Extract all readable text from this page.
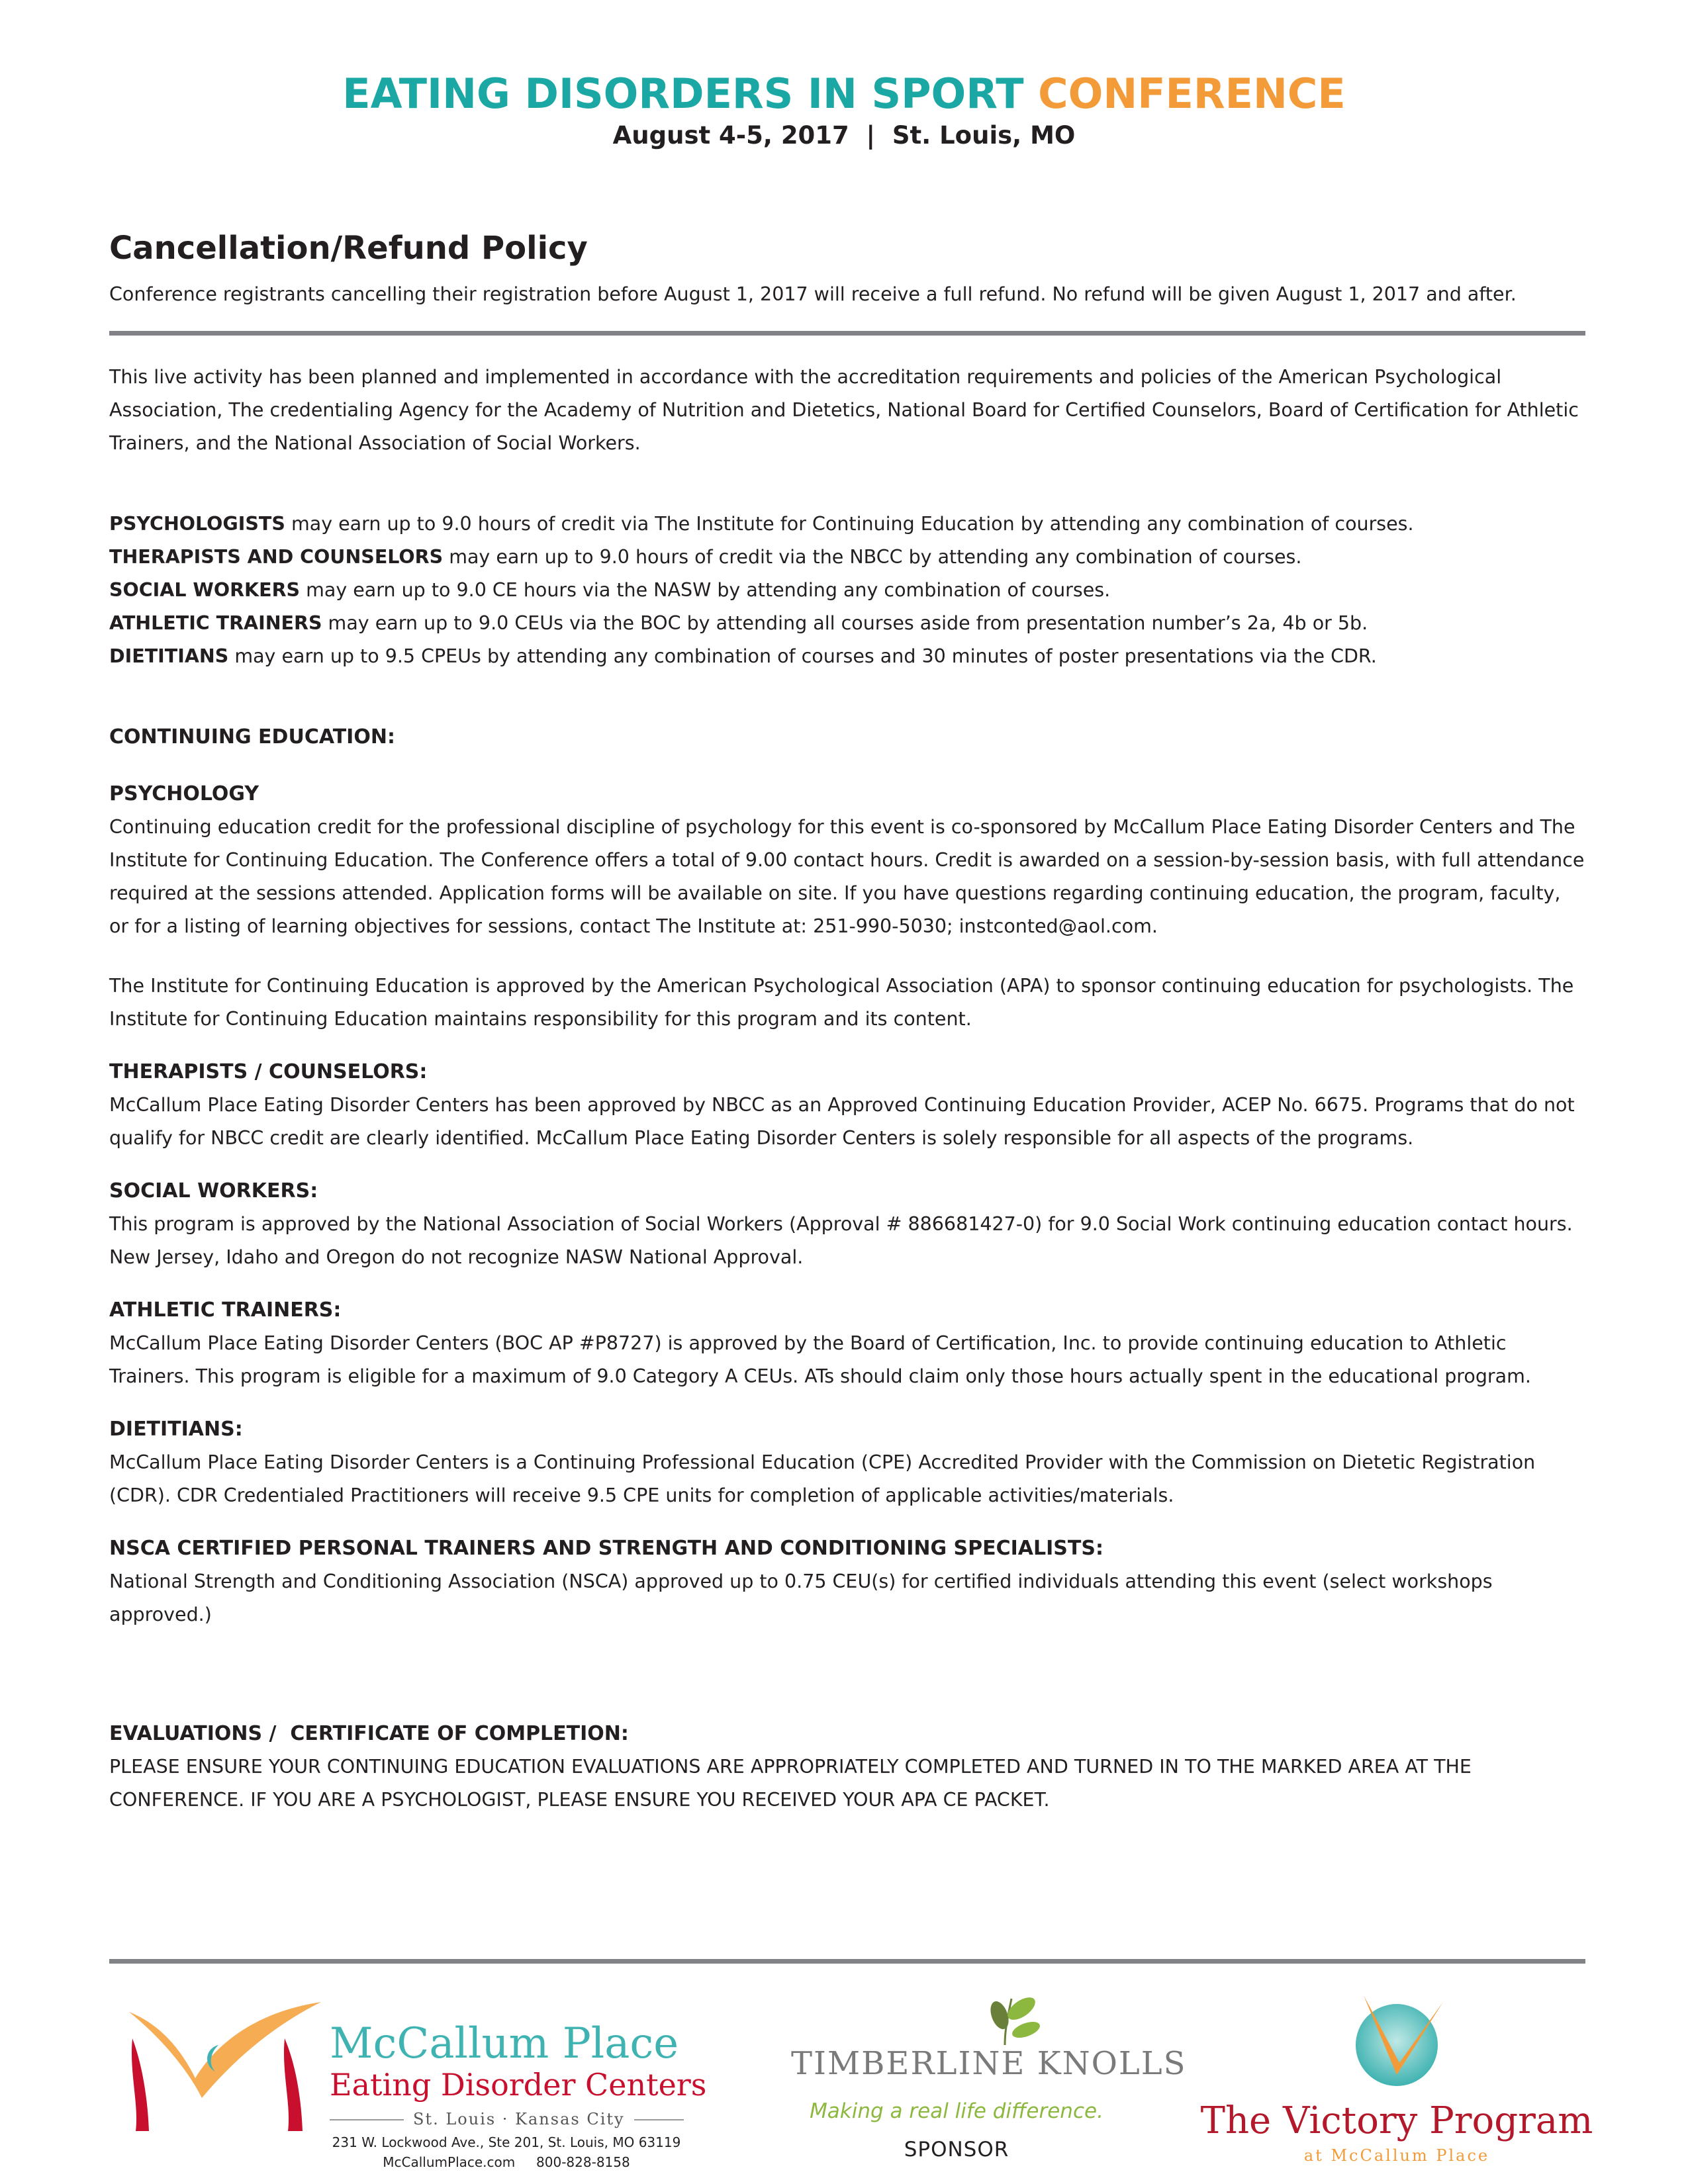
EATING DISORDERS IN SPORT CONFERENCE
August 4-5, 2017  |  St. Louis, MO
Cancellation/Refund Policy

Conference registrants cancelling their registration before August 1, 2017 will receive a full refund. No refund will be given August 1, 2017 and after.

This live activity has been planned and implemented in accordance with the accreditation requirements and policies of the American Psychological Association, The credentialing Agency for the Academy of Nutrition and Dietetics, National Board for Certified Counselors, Board of Certification for Athletic Trainers, and the National Association of Social Workers.

PSYCHOLOGISTS may earn up to 9.0 hours of credit via The Institute for Continuing Education by attending any combination of courses.

THERAPISTS AND COUNSELORS may earn up to 9.0 hours of credit via the NBCC by attending any combination of courses.

SOCIAL WORKERS may earn up to 9.0 CE hours via the NASW by attending any combination of courses.

ATHLETIC TRAINERS may earn up to 9.0 CEUs via the BOC by attending all courses aside from presentation number’s 2a, 4b or 5b.

DIETITIANS may earn up to 9.5 CPEUs by attending any combination of courses and 30 minutes of poster presentations via the CDR.

CONTINUING EDUCATION:
PSYCHOLOGY

Continuing education credit for the professional discipline of psychology for this event is co-sponsored by McCallum Place Eating Disorder Centers and The Institute for Continuing Education. The Conference offers a total of 9.00 contact hours. Credit is awarded on a session-by-session basis, with full attendance required at the sessions attended. Application forms will be available on site. If you have questions regarding continuing education, the program, faculty, or for a listing of learning objectives for sessions, contact The Institute at: 251-990-5030; instconted@aol.com.

The Institute for Continuing Education is approved by the American Psychological Association (APA) to sponsor continuing education for psychologists. The Institute for Continuing Education maintains responsibility for this program and its content.

THERAPISTS / COUNSELORS:

McCallum Place Eating Disorder Centers has been approved by NBCC as an Approved Continuing Education Provider, ACEP No. 6675. Programs that do not qualify for NBCC credit are clearly identified. McCallum Place Eating Disorder Centers is solely responsible for all aspects of the programs.

SOCIAL WORKERS:

This program is approved by the National Association of Social Workers (Approval # 886681427-0) for 9.0 Social Work continuing education contact hours. New Jersey, Idaho and Oregon do not recognize NASW National Approval.

ATHLETIC TRAINERS:

McCallum Place Eating Disorder Centers (BOC AP #P8727) is approved by the Board of Certification, Inc. to provide continuing education to Athletic Trainers. This program is eligible for a maximum of 9.0 Category A CEUs. ATs should claim only those hours actually spent in the educational program.

DIETITIANS:

McCallum Place Eating Disorder Centers is a Continuing Professional Education (CPE) Accredited Provider with the Commission on Dietetic Registration (CDR). CDR Credentialed Practitioners will receive 9.5 CPE units for completion of applicable activities/materials.

NSCA CERTIFIED PERSONAL TRAINERS AND STRENGTH AND CONDITIONING SPECIALISTS:

National Strength and Conditioning Association (NSCA) approved up to 0.75 CEU(s) for certified individuals attending this event (select workshops approved.)

EVALUATIONS /  CERTIFICATE OF COMPLETION:

PLEASE ENSURE YOUR CONTINUING EDUCATION EVALUATIONS ARE APPROPRIATELY COMPLETED AND TURNED IN TO THE MARKED AREA AT THE CONFERENCE. IF YOU ARE A PSYCHOLOGIST, PLEASE ENSURE YOU RECEIVED YOUR APA CE PACKET.

McCallum Place
Eating Disorder Centers
St. Louis · Kansas City
231 W. Lockwood Ave., Ste 201, St. Louis, MO 63119
McCallumPlace.com     800-828-8158
TIMBERLINE KNOLLS
Making a real life difference.
SPONSOR
The Victory Program
at McCallum Place
